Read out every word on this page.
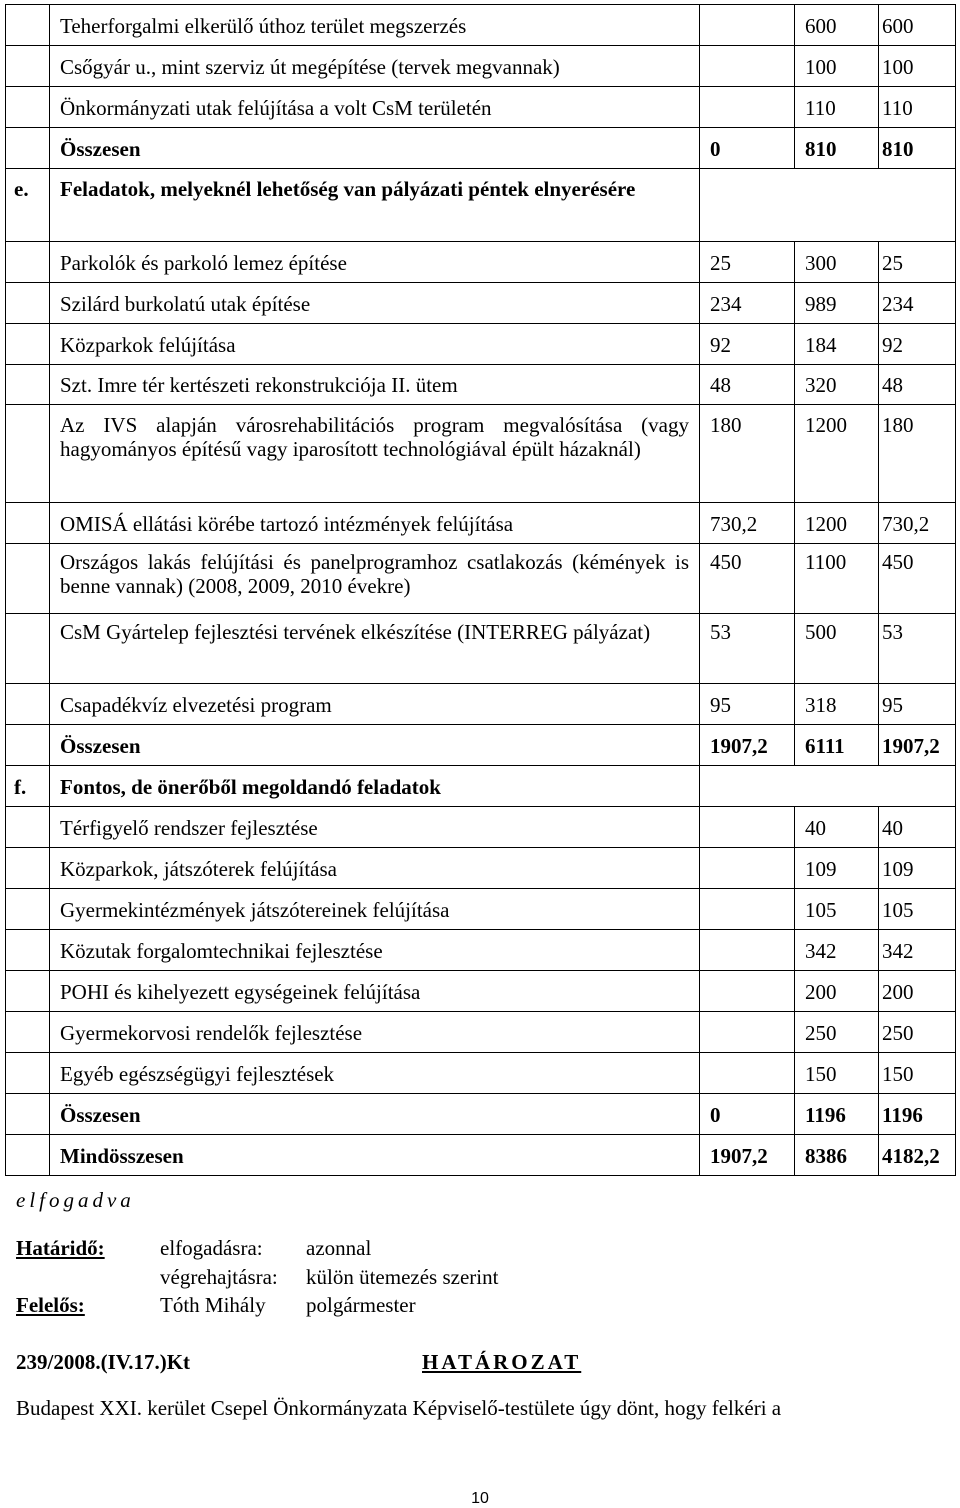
	Teherforgalmi elkerülő úthoz terület megszerzés		600	600
	Csőgyár u., mint szerviz út megépítése (tervek megvannak)		100	100
	Önkormányzati utak felújítása a volt CsM területén		110	110
	Összesen	0	810	810
e.	Feladatok, melyeknél lehetőség van pályázati péntek elnyerésére			
	Parkolók és parkoló lemez építése	25	300	25
	Szilárd burkolatú utak építése	234	989	234
	Közparkok felújítása	92	184	92
	Szt. Imre tér kertészeti rekonstrukciója II. ütem	48	320	48
	Az IVS alapján városrehabilitációs program megvalósítása (vagy hagyományos építésű vagy iparosított technológiával épült házaknál)	180	1200	180
	OMISÁ ellátási körébe tartozó intézmények felújítása	730,2	1200	730,2
	Országos lakás felújítási és panelprogramhoz csatlakozás (kémények is benne vannak) (2008, 2009, 2010 évekre)	450	1100	450
	CsM Gyártelep fejlesztési tervének elkészítése (INTERREG pályázat)	53	500	53
	Csapadékvíz elvezetési program	95	318	95
	Összesen	1907,2	6111	1907,2
f.	Fontos, de önerőből megoldandó feladatok			
	Térfigyelő rendszer fejlesztése		40	40
	Közparkok, játszóterek felújítása		109	109
	Gyermekintézmények játszótereinek felújítása		105	105
	Közutak forgalomtechnikai fejlesztése		342	342
	POHI és kihelyezett egységeinek felújítása		200	200
	Gyermekorvosi rendelők fejlesztése		250	250
	Egyéb egészségügyi fejlesztések		150	150
	Összesen	0	1196	1196
	Mindösszesen	1907,2	8386	4182,2
elfogadva
Határidő:	elfogadásra: azonnal
végrehajtásra: külön ütemezés szerint
Felelős:	Tóth Mihály polgármester
239/2008.(IV.17.)Kt	HATÁROZAT
Budapest XXI. kerület Csepel Önkormányzata Képviselő-testülete úgy dönt, hogy felkéri a
10
